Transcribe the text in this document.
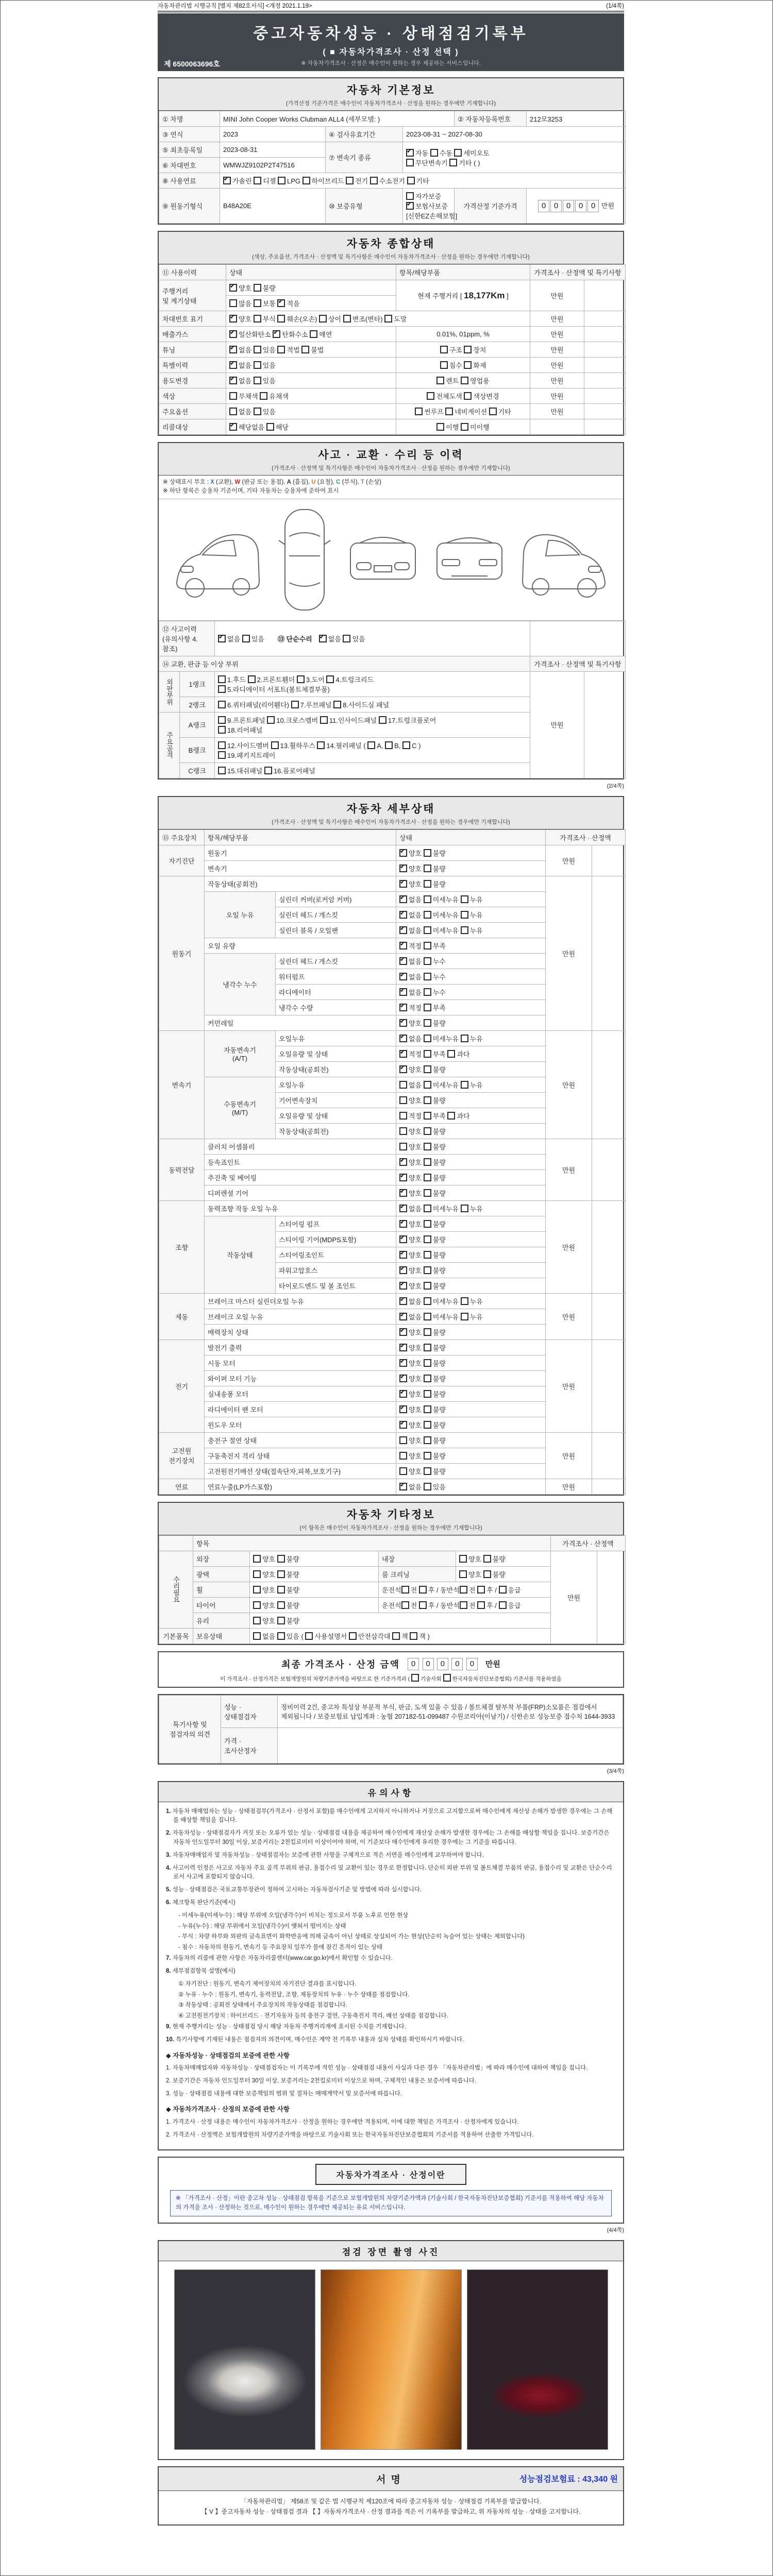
자동차관리법 시행규칙 [별지 제82호서식] <개정 2021.1.19>	(1/4쪽)
중고자동차성능 · 상태점검기록부
( ■ 자동차가격조사 · 산정 선택 )
※ 자동차가격조사 · 산정은 매수인이 원하는 경우 제공하는 서비스입니다.
제 6500063696호
자동차 기본정보
(가격산정 기준가격은 매수인이 자동차가격조사 · 산정을 원하는 경우에만 기재합니다)
① 차명	MINI John Cooper Works Clubman ALL4 (세부모델: )			② 자동차등록번호	212모3253
③ 연식	2023	④ 검사유효기간	2023-08-31 ~ 2027-08-30		
⑤ 최초등록일	2023-08-31	⑦ 변속기 종류	✔자동 수동 세미오토
무단변속기 기타 ( )
⑥ 차대번호	WMWJZ9102P2T47516				
⑧ 사용연료	✔가솔린 디젤 LPG 하이브리드 전기 수소전기 기타
⑨ 원동기형식	B48A20E	⑩ 보증유형	자가보증 ✔보험사보증 [신한EZ손해보험]	가격산정 기준가격	0 0 0 0 0 만원
자동차 종합상태
(색상, 주요옵션, 가격조사 · 산정액 및 특기사항은 매수인이 자동차가격조사 · 산정을 원하는 경우에만 기재합니다)
⑪ 사용이력	상태	항목/해당부품	가격조사 · 산정액 및 특기사항	
주행거리
및 계기상태	✔양호 불량	현재 주행거리 [ 18,177Km ]	만원	
	많음 보통 ✔적음
차대번호 표기	✔양호 부식 훼손(오손) 상이 변조(변타) 도말		만원	
배출가스	✔일산화탄소 ✔탄화수소 매연	0.01%, 01ppm, %	만원	
튜닝	✔없음 있음 적법 불법	구조 장치	만원	
특별이력	✔없음 있음	침수 화재	만원	
용도변경	✔없음 있음	렌트 영업용	만원	
색상	무채색 유채색	전체도색 색상변경	만원	
주요옵션	없음 있음	썬루프 네비게이션 기타	만원	
리콜대상	✔해당없음 해당	이행 미이행		
사고 · 교환 · 수리 등 이력
(가격조사 · 산정액 및 특기사항은 매수인이 자동차가격조사 · 산정을 원하는 경우에만 기재합니다)
※ 상태표시 부호 : X (교환), W (판금 또는 용접), A (흠집), U (요철), C (부식), T (손상)
※ 하단 항목은 승용차 기준이며, 기타 자동차는 승용차에 준하여 표시
⑫ 사고이력 (유의사항 4.참조)	✔없음 있음  ⑬ 단순수리  ✔ 없음 있음	
⑭ 교환, 판금 등 이상 부위			가격조사 · 산정액 및 특기사항	
외판부위	1랭크	1.후드 2.프론트휀더 3.도어 4.트렁크리드
5.라디에이터 서포트(볼트체결부품)	만원	
	2랭크	6.쿼터패널(리어휀다) 7.루브패널 8.사이드실 패널		
주요골격	A랭크	9.프론트패널 10.크로스멤버 11.인사이드패널 17.트렁크플로어
18.리어패널		
	B랭크	12.사이드멤버 13.휠하우스 14.필러패널 ( A, B, C )
19.패키지트레이		
	C랭크	15.대쉬패널 16.플로어패널		
(2/4쪽)
자동차 세부상태
(가격조사 · 산정액 및 특기사항은 매수인이 자동차가격조사 · 산정을 원하는 경우에만 기재합니다)
⑮ 주요장치	항목/해당부품		상태	가격조사 · 산정액	
자기진단	원동기	✔양호 불량	만원	
	변속기	✔양호 불량
원동기	작동상태(공회전)	✔양호 불량	만원	
	오일 누유	실린더 커버(로커암 커버)	✔없음 미세누유 누유
		실린더 헤드 / 개스킷	✔없음 미세누유 누유
		실린더 블록 / 오일팬	✔없음 미세누유 누유
	오일 유량	✔적정 부족
	냉각수 누수	실린더 헤드 / 개스킷	✔없음 누수
		워터펌프	✔없음 누수
		라디에이터	✔없음 누수
		냉각수 수량	✔적정 부족
	커먼레일	✔양호 불량
변속기	자동변속기
(A/T)	오일누유	✔없음 미세누유 누유	만원	
		오일유량 및 상태	✔적정 부족 과다
		작동상태(공회전)	✔양호 불량
	수동변속기
(M/T)	오일누유	없음 미세누유 누유		
		기어변속장치	양호 불량		
		오일유량 및 상태	적정 부족 과다		
		작동상태(공회전)	양호 불량		
동력전달	클러치 어셈블리		양호 불량	만원	
	등속죠인트	✔양호 불량
	추진축 및 베어링	✔양호 불량
	디퍼렌셜 기어	✔양호 불량
조향	동력조향 작동 오일 누유	✔없음 미세누유 누유	만원	
	작동상태	스티어링 펌프	✔양호 불량
		스티어링 기어(MDPS포함)	✔양호 불량
		스티어링조인트	✔양호 불량
		파워고압호스	✔양호 불량
		타이로드엔드 및 볼 조인트	✔양호 불량
제동	브레이크 마스터 실린더오일 누유	✔없음 미세누유 누유	만원	
	브레이크 오일 누유	✔없음 미세누유 누유
	배력장치 상태	✔양호 불량
전기	발전기 출력	✔양호 불량	만원	
	시동 모터	✔양호 불량
	와이퍼 모터 기능	✔양호 불량
	실내송풍 모터	✔양호 불량
	라디에이터 팬 모터	✔양호 불량
	윈도우 모터	✔양호 불량
고전원
전기장치	충전구 절연 상태		양호 불량	만원	
	구동축전지 격리 상태		양호 불량		
	고전원전기배선 상태(접속단자,피복,보호기구)		양호 불량		
연료	연료누출(LP가스포함)	✔없음 있음	만원	
자동차 기타정보
(이 항목은 매수인이 자동차가격조사 · 산정을 원하는 경우에만 기재합니다)
	항목				가격조사 · 산정액	
수리필요	외장	양호 불량	내장	양호 불량	만원	
	광택	양호 불량	룸 크리닝	양호 불량		
	휠	양호 불량	운전석 전 후 / 동반석 전 후 / 응급			
	타이어	양호 불량	운전석 전 후 / 동반석 전 후 / 응급			
	유리	양호 불량				
기본품목	보유상태	없음 있음 ( 사용설명서 안전삼각대 잭 잭 )				
최종 가격조사 · 산정 금액	0 0 0 0 0	만원
이 가격조사 · 산정가격은 보험개발원의 차량기준가액을 바탕으로 한 기준가격과 ( 기술사회 한국자동차진단보증협회) 기준서를 적용하였음
특기사항 및
점검자의 의견	성능 · 상태점검자	정비이력 2건, 중고차 특성상 부분적 부식, 판금, 도색 있을 수 있음 / 볼트체결 탈부착 부품(FRP)소모품은 점검에서 제외됩니다 / 보증보험료 납입계좌 : 농협 207182-51-099487 수원코리아(이남기) / 신한손보 성능보증 접수처 1644-3933
	가격 · 조사산정자	
(3/4쪽)
유의사항

1. 자동차 매매업자는 성능 · 상태점검부(가격조사 · 산정서 포함)를 매수인에게 고지하지 아니하거나 거짓으로 고지함으로써 매수인에게 재산상 손해가 발생한 경우에는 그 손해를 배상할 책임을 집니다.

2. 자동차성능 · 상태점검자가 거짓 또는 오류가 있는 성능 · 상태점검 내용을 제공하여 매수인에게 재산상 손해가 발생한 경우에는 그 손해를 배상할 책임을 집니다. 보증기간은 자동차 인도일부터 30일 이상, 보증거리는 2천킬로미터 이상이어야 하며, 이 기준보다 매수인에게 유리한 경우에는 그 기준을 따릅니다.

3. 자동차매매업자 및 자동차성능 · 상태점검자는 보증에 관한 사항을 구체적으로 적은 서면을 매수인에게 교부하여야 합니다.

4. 사고이력 인정은 사고로 자동차 주요 골격 부위의 판금, 용접수리 및 교환이 있는 경우로 한정합니다. 단순히 외판 부위 및 볼트체결 부품의 판금, 용접수리 및 교환은 단순수리로서 사고에 포함되지 않습니다.

5. 성능 · 상태점검은 국토교통부장관이 정하여 고시하는 자동차검사기준 및 방법에 따라 실시합니다.

6. 체크항목 판단기준(예시)

- 미세누유(미세누수) : 해당 부위에 오일(냉각수)이 비치는 정도로서 부품 노후로 인한 현상

- 누유(누수) : 해당 부위에서 오일(냉각수)이 맺혀서 떨어지는 상태

- 부식 : 차량 하부와 외판의 금속표면이 화학반응에 의해 금속이 아닌 상태로 상실되어 가는 현상(단순히 녹슬어 있는 상태는 제외합니다)

- 침수 : 자동차의 원동기, 변속기 등 주요장치 일부가 물에 잠긴 흔적이 있는 상태

7. 자동차의 리콜에 관한 사항은 자동차리콜센터(www.car.go.kr)에서 확인할 수 있습니다.

8. 세부점검항목 설명(예시)

① 자기진단 : 원동기, 변속기 제어장치의 자기진단 결과를 표시합니다.

② 누유 · 누수 : 원동기, 변속기, 동력전달, 조향, 제동장치의 누유 · 누수 상태를 점검합니다.

③ 작동상태 : 공회전 상태에서 주요장치의 작동상태를 점검합니다.

④ 고전원전기장치 : 하이브리드 · 전기자동차 등의 충전구 절연, 구동축전지 격리, 배선 상태를 점검합니다.

9. 현재 주행거리는 성능 · 상태점검 당시 해당 자동차 주행거리계에 표시된 수치를 기재합니다.

10. 특기사항에 기재된 내용은 점검자의 의견이며, 매수인은 계약 전 기록부 내용과 실차 상태를 확인하시기 바랍니다.

◆ 자동차성능 · 상태점검의 보증에 관한 사항

1. 자동차매매업자와 자동차성능 · 상태점검자는 이 기록부에 적힌 성능 · 상태점검 내용이 사실과 다른 경우 「자동차관리법」에 따라 매수인에 대하여 책임을 집니다.

2. 보증기간은 자동차 인도일부터 30일 이상, 보증거리는 2천킬로미터 이상으로 하며, 구체적인 내용은 보증서에 따릅니다.

3. 성능 · 상태점검 내용에 대한 보증책임의 범위 및 절차는 매매계약서 및 보증서에 따릅니다.

◆ 자동차가격조사 · 산정의 보증에 관한 사항

1. 가격조사 · 산정 내용은 매수인이 자동차가격조사 · 산정을 원하는 경우에만 적용되며, 이에 대한 책임은 가격조사 · 산정자에게 있습니다.

2. 가격조사 · 산정액은 보험개발원의 차량기준가액을 바탕으로 기술사회 또는 한국자동차진단보증협회의 기준서를 적용하여 산출한 가격입니다.

자동차가격조사 · 산정이란
※ 「가격조사 · 산정」이란 중고차 성능 · 상태점검 항목을 기준으로 보험개발원의 차량기준가액과 (기술사회 / 한국자동차진단보증협회) 기준서를 적용하여 해당 자동차의 가격을 조사 · 산정하는 것으로, 매수인이 원하는 경우에만 제공되는 유료 서비스입니다.
(4/4쪽)
점검 장면 촬영 사진
서명	성능점검보험료 : 43,340 원
「자동차관리법」 제58조 및 같은 법 시행규칙 제120조에 따라 중고자동차 성능 · 상태점검 기록부를 발급합니다.
【 V 】중고자동차 성능 · 상태점검 결과 【 】자동차가격조사 · 산정 결과를 적은 이 기록부를 발급하고, 위 자동차의 성능 · 상태를 고지합니다.
